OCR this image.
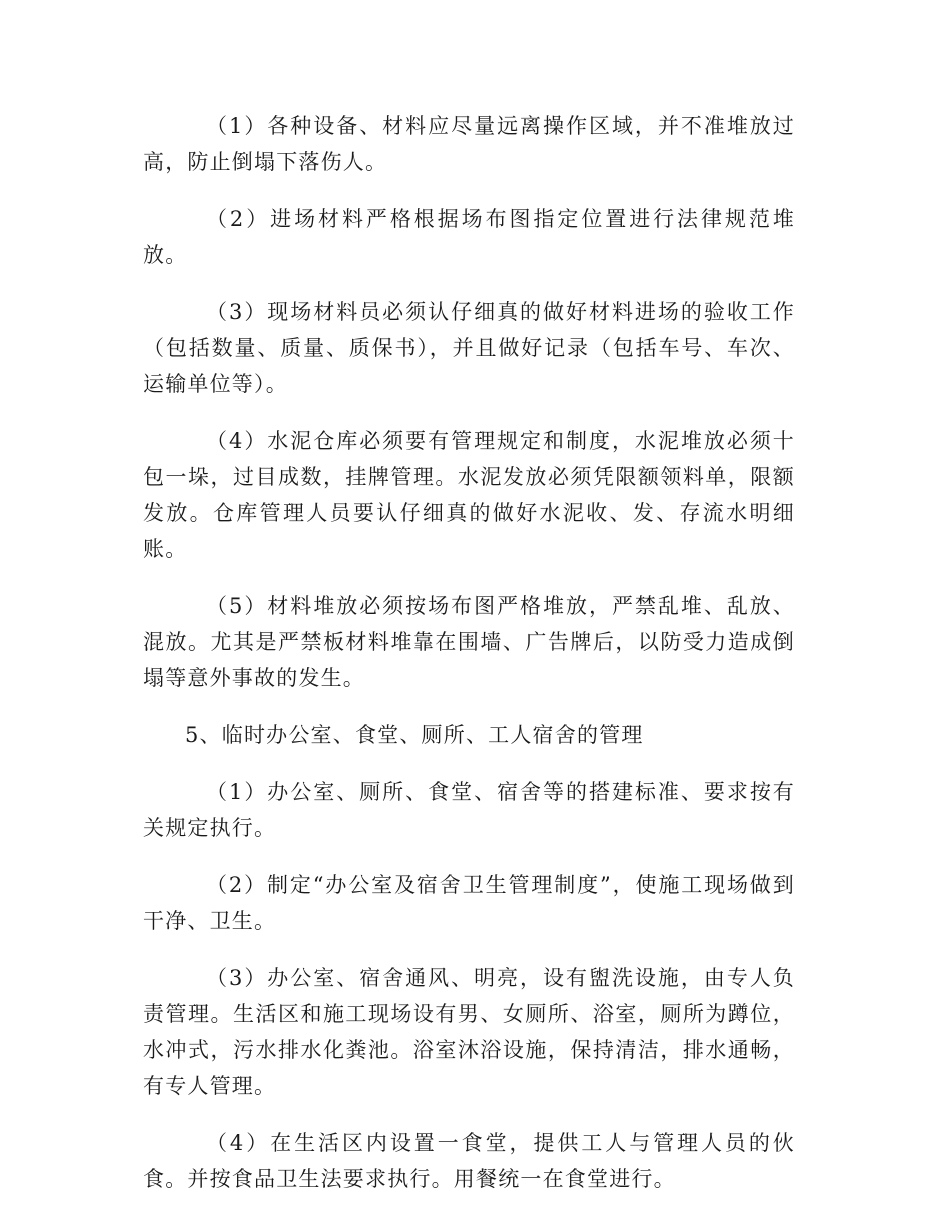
（1）各种设备、材料应尽量远离操作区域，并不准堆放过高，防止倒塌下落伤人。

（2）进场材料严格根据场布图指定位置进行法律规范堆放。

（3）现场材料员必须认仔细真的做好材料进场的验收工作（包括数量、质量、质保书），并且做好记录（包括车号、车次、运输单位等）。

（4）水泥仓库必须要有管理规定和制度，水泥堆放必须十包一垛，过目成数，挂牌管理。水泥发放必须凭限额领料单，限额发放。仓库管理人员要认仔细真的做好水泥收、发、存流水明细账。

（5）材料堆放必须按场布图严格堆放，严禁乱堆、乱放、混放。尤其是严禁板材料堆靠在围墙、广告牌后，以防受力造成倒塌等意外事故的发生。

5、临时办公室、食堂、厕所、工人宿舍的管理

（1）办公室、厕所、食堂、宿舍等的搭建标准、要求按有关规定执行。

（2）制定“办公室及宿舍卫生管理制度”，使施工现场做到干净、卫生。

（3）办公室、宿舍通风、明亮，设有盥洗设施，由专人负责管理。生活区和施工现场设有男、女厕所、浴室，厕所为蹲位，水冲式，污水排水化粪池。浴室沐浴设施，保持清洁，排水通畅，有专人管理。

（4）在生活区内设置一食堂，提供工人与管理人员的伙食。并按食品卫生法要求执行。用餐统一在食堂进行。
